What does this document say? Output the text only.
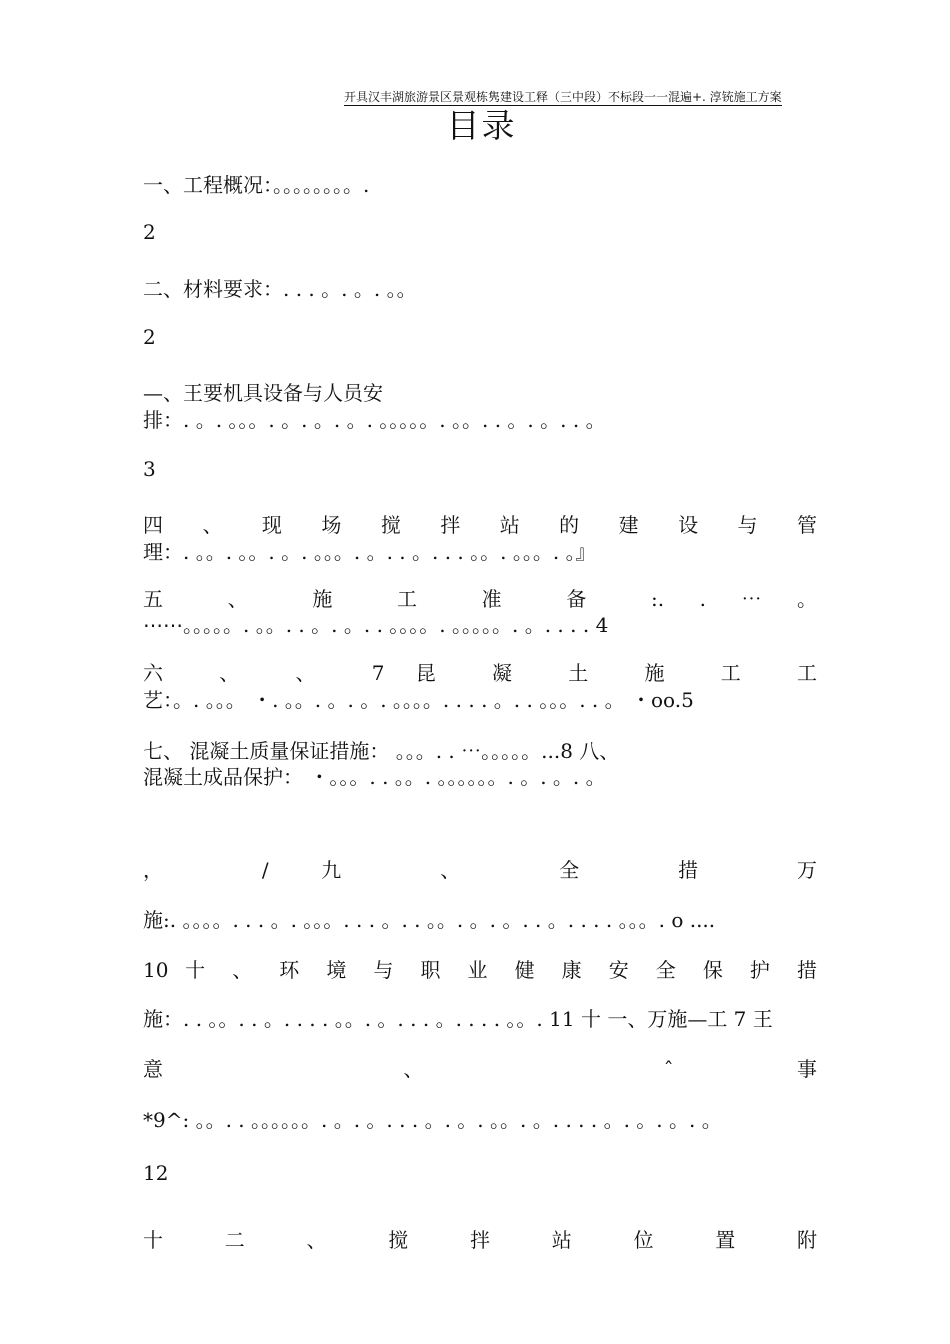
开具汉丰湖旅游景区景观栋隽建设工释（三中段）不标段一一混遍+. 淳铳施工方案
目录
一、工程概况：。。。。。。。。.
2
二、材料要求：. . . 。. 。. 。。
2
—、王要机具设备与人员安
排：. 。. 。。。. 。. 。. 。. 。。。。。. 。。. . 。. 。. . 。
3
四 、 现 场 搅 拌 站 的 建 设 与 管
理：. 。。. 。。. 。. 。。。. 。. . 。. . . 。。. 。。。. 。』
五 、 施 工 准 备 :. . ⋯ 。
⋯⋯。。。。。. 。。. . 。. 。. . 。。。。. 。。。。。. 。. . . . 4
六 、 、 7 昆 凝 土 施 工 工
艺：。. 。。。 ・. 。。. 。. 。. 。。。。. . . . 。. . 。。。. . 。 ・oo.5
七、 混凝土质量保证措施： 。。。. . ⋯。。。。。...8 八、
混凝土成品保护： ・。。。. . 。。. 。。。。。。. 。. 。. 。
， / 九 、 全 措 万
施:. 。。。。. . . 。. 。。。. . . 。. . 。。. 。. 。. . 。. . . . 。。。. o ....
10 十 、 环 境 与 职 业 健 康 安 全 保 护 措
施：. . 。。. . 。. . . . 。。. 。. . . 。. . . . 。。. 11 十 一、万施—工 7 王
意 、 ˆ 事
*9^: 。。. . 。。。。。。. 。. 。. . . 。. 。. 。。. 。. . . . 。. 。. 。. 。
12
十 二 、 搅 拌 站 位 置 附
